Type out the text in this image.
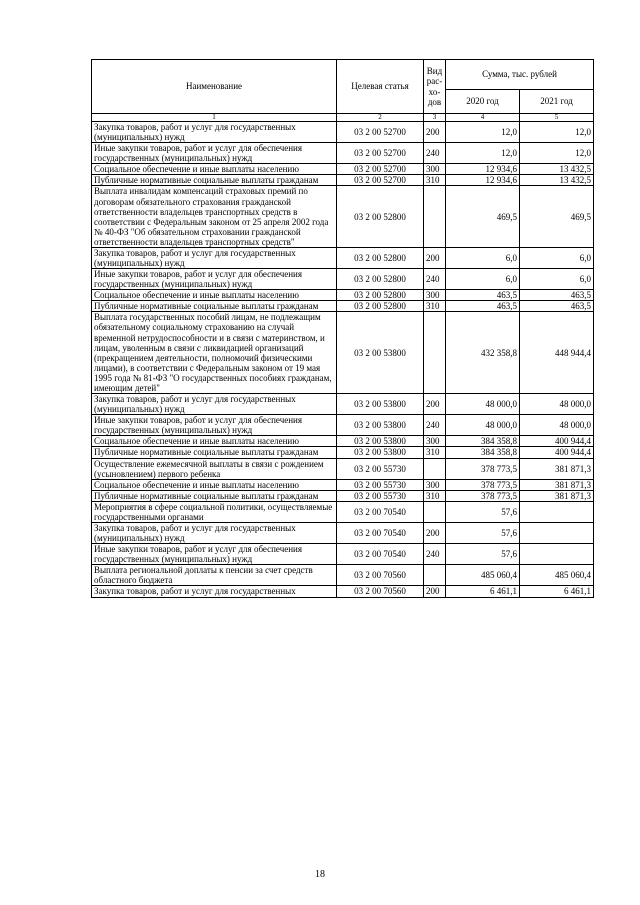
Наименование	Целевая статья	Вид рас-хо-дов	Сумма, тыс. рублей	
			2020 год	2021 год
1	2	3	4	5
Закупка товаров, работ и услуг для государственных (муниципальных) нужд	03 2 00 52700	200	12,0	12,0
Иные закупки товаров, работ и услуг для обеспечения государственных (муниципальных) нужд	03 2 00 52700	240	12,0	12,0
Социальное обеспечение и иные выплаты населению	03 2 00 52700	300	12 934,6	13 432,5
Публичные нормативные социальные выплаты гражданам	03 2 00 52700	310	12 934,6	13 432,5
Выплата инвалидам компенсаций страховых премий по договорам обязательного страхования гражданской ответственности владельцев транспортных средств в соответствии с Федеральным законом от 25 апреля 2002 года № 40-ФЗ "Об обязательном страховании гражданской ответственности владельцев транспортных средств"	03 2 00 52800		469,5	469,5
Закупка товаров, работ и услуг для государственных (муниципальных) нужд	03 2 00 52800	200	6,0	6,0
Иные закупки товаров, работ и услуг для обеспечения государственных (муниципальных) нужд	03 2 00 52800	240	6,0	6,0
Социальное обеспечение и иные выплаты населению	03 2 00 52800	300	463,5	463,5
Публичные нормативные социальные выплаты гражданам	03 2 00 52800	310	463,5	463,5
Выплата государственных пособий лицам, не подлежащим обязательному социальному страхованию на случай временной нетрудоспособности и в связи с материнством, и лицам, уволенным в связи с ликвидацией организаций (прекращением деятельности, полномочий физическими лицами), в соответствии с Федеральным законом от 19 мая 1995 года № 81-ФЗ "О государственных пособиях гражданам, имеющим детей"	03 2 00 53800		432 358,8	448 944,4
Закупка товаров, работ и услуг для государственных (муниципальных) нужд	03 2 00 53800	200	48 000,0	48 000,0
Иные закупки товаров, работ и услуг для обеспечения государственных (муниципальных) нужд	03 2 00 53800	240	48 000,0	48 000,0
Социальное обеспечение и иные выплаты населению	03 2 00 53800	300	384 358,8	400 944,4
Публичные нормативные социальные выплаты гражданам	03 2 00 53800	310	384 358,8	400 944,4
Осуществление ежемесячной выплаты в связи с рождением (усыновлением) первого ребенка	03 2 00 55730		378 773,5	381 871,3
Социальное обеспечение и иные выплаты населению	03 2 00 55730	300	378 773,5	381 871,3
Публичные нормативные социальные выплаты гражданам	03 2 00 55730	310	378 773,5	381 871,3
Мероприятия в сфере социальной политики, осуществляемые государственными органами	03 2 00 70540		57,6	
Закупка товаров, работ и услуг для государственных (муниципальных) нужд	03 2 00 70540	200	57,6	
Иные закупки товаров, работ и услуг для обеспечения государственных (муниципальных) нужд	03 2 00 70540	240	57,6	
Выплата региональной доплаты к пенсии за счет средств областного бюджета	03 2 00 70560		485 060,4	485 060,4
Закупка товаров, работ и услуг для государственных	03 2 00 70560	200	6 461,1	6 461,1
18
